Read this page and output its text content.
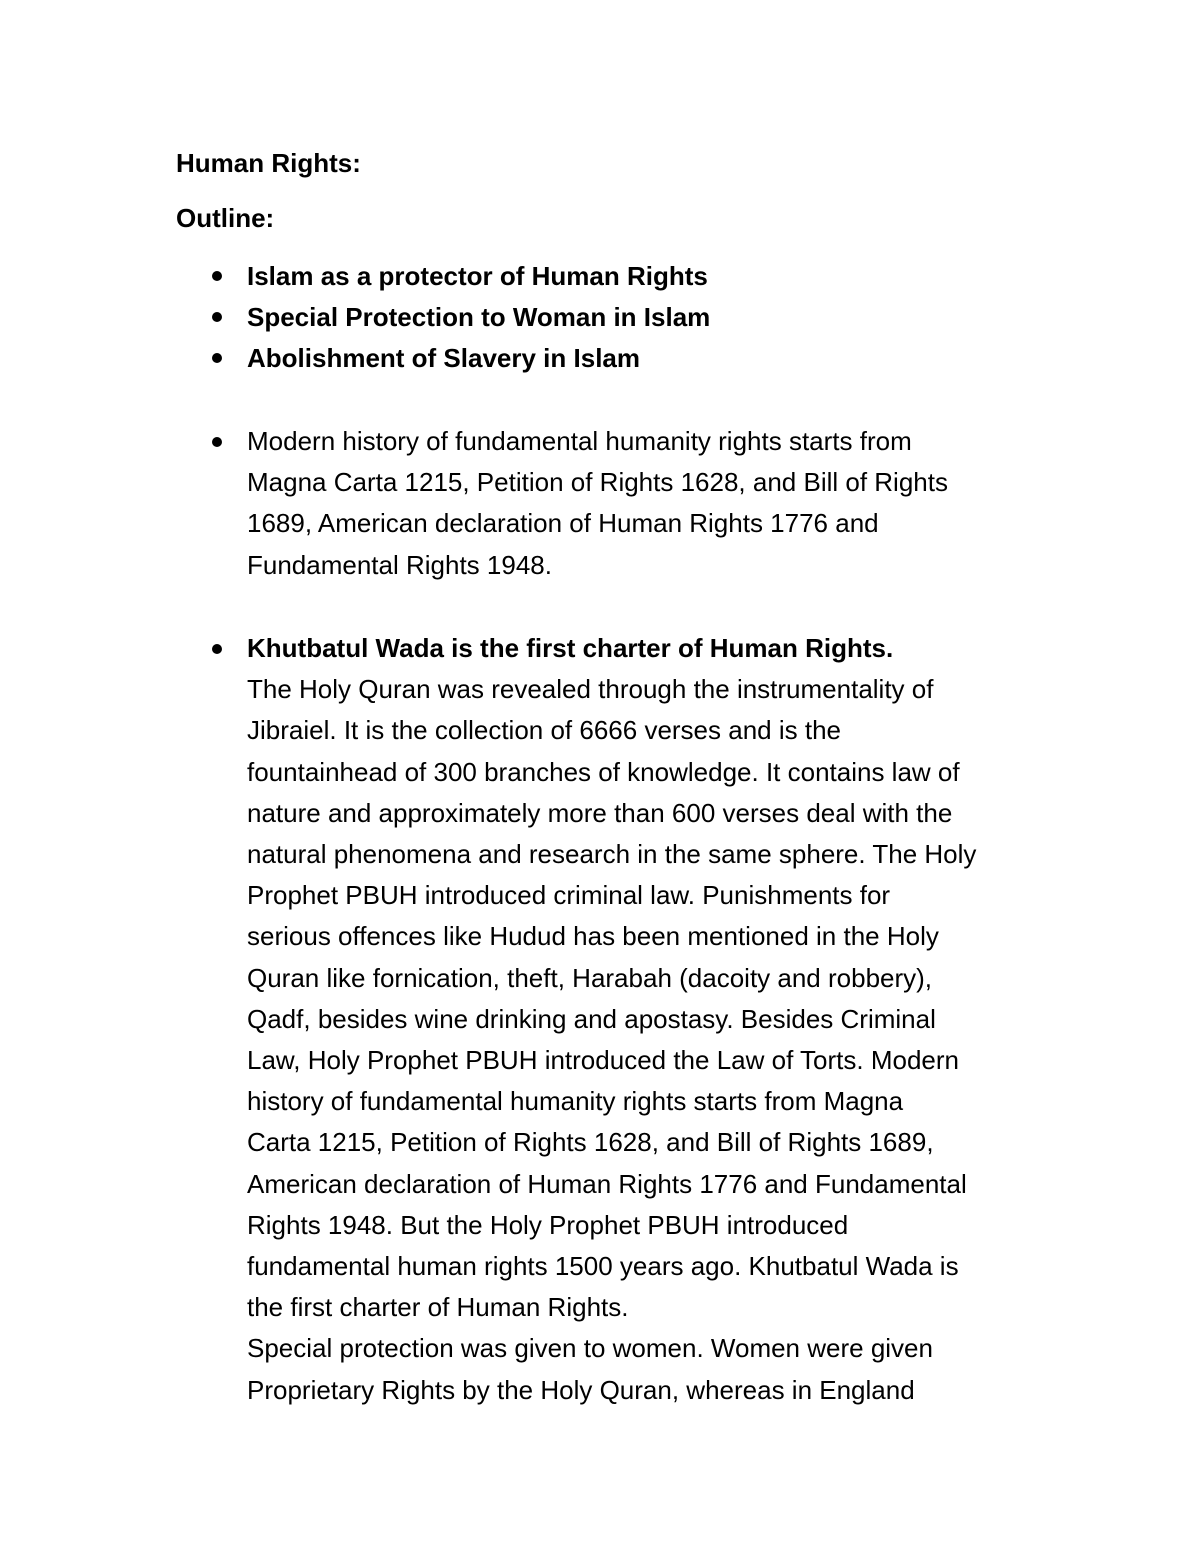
Human Rights:
Outline:
Islam as a protector of Human Rights
Special Protection to Woman in Islam
Abolishment of Slavery in Islam
Modern history of fundamental humanity rights starts from
Magna Carta 1215, Petition of Rights 1628, and Bill of Rights
1689, American declaration of Human Rights 1776 and
Fundamental Rights 1948.
Khutbatul Wada is the first charter of Human Rights.
The Holy Quran was revealed through the instrumentality of
Jibraiel. It is the collection of 6666 verses and is the
fountainhead of 300 branches of knowledge. It contains law of
nature and approximately more than 600 verses deal with the
natural phenomena and research in the same sphere. The Holy
Prophet PBUH introduced criminal law. Punishments for
serious offences like Hudud has been mentioned in the Holy
Quran like fornication, theft, Harabah (dacoity and robbery),
Qadf, besides wine drinking and apostasy. Besides Criminal
Law, Holy Prophet PBUH introduced the Law of Torts. Modern
history of fundamental humanity rights starts from Magna
Carta 1215, Petition of Rights 1628, and Bill of Rights 1689,
American declaration of Human Rights 1776 and Fundamental
Rights 1948. But the Holy Prophet PBUH introduced
fundamental human rights 1500 years ago. Khutbatul Wada is
the first charter of Human Rights.
Special protection was given to women. Women were given
Proprietary Rights by the Holy Quran, whereas in England
